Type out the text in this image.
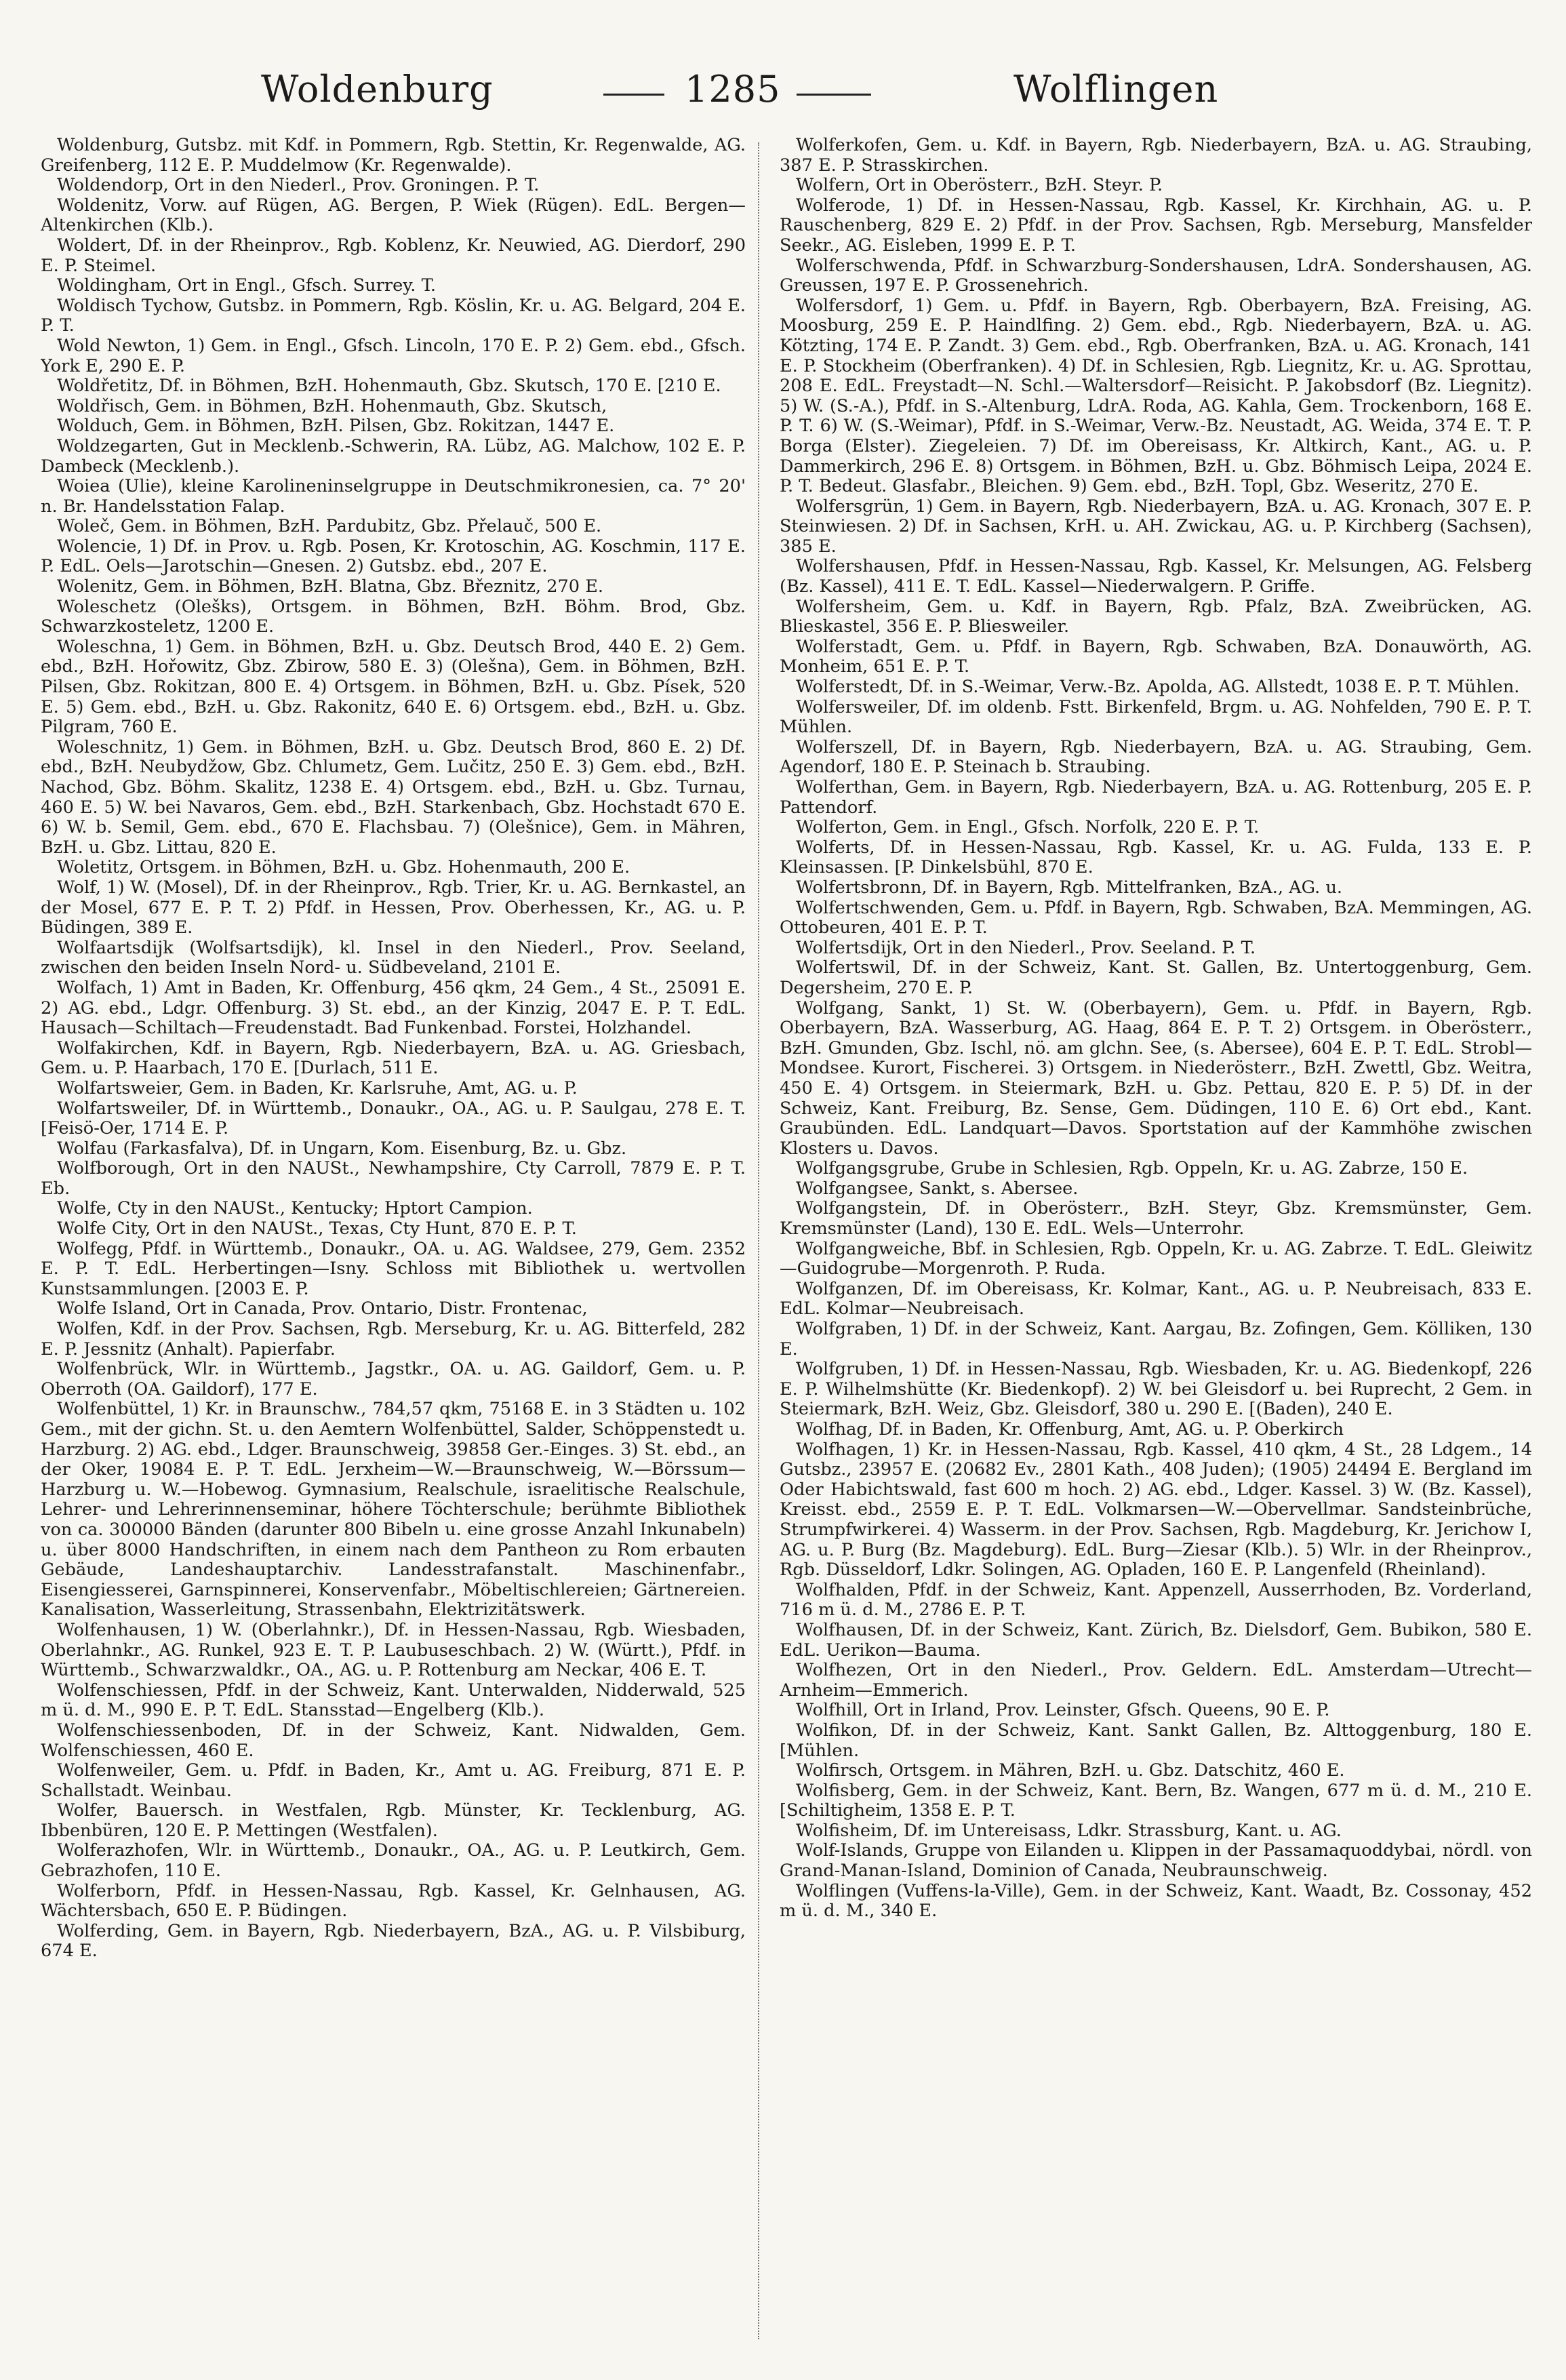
Woldenburg	1285	Wolflingen

Woldenburg, Gutsbz. mit Kdf. in Pommern, Rgb. Stettin, Kr. Regenwalde, AG. Greifenberg, 112 E. P. Muddelmow (Kr. Regenwalde).

Woldendorp, Ort in den Niederl., Prov. Groningen. P. T.

Woldenitz, Vorw. auf Rügen, AG. Bergen, P. Wiek (Rügen). EdL. Bergen—Altenkirchen (Klb.).

Woldert, Df. in der Rheinprov., Rgb. Koblenz, Kr. Neuwied, AG. Dierdorf, 290 E. P. Steimel.

Woldingham, Ort in Engl., Gfsch. Surrey. T.

Woldisch Tychow, Gutsbz. in Pommern, Rgb. Köslin, Kr. u. AG. Belgard, 204 E. P. T.

Wold Newton, 1) Gem. in Engl., Gfsch. Lincoln, 170 E. P. 2) Gem. ebd., Gfsch. York E, 290 E. P.

Woldřetitz, Df. in Böhmen, BzH. Hohenmauth, Gbz. Skutsch, 170 E. [210 E.

Woldřisch, Gem. in Böhmen, BzH. Hohenmauth, Gbz. Skutsch,

Wolduch, Gem. in Böhmen, BzH. Pilsen, Gbz. Rokitzan, 1447 E.

Woldzegarten, Gut in Mecklenb.-Schwerin, RA. Lübz, AG. Malchow, 102 E. P. Dambeck (Mecklenb.).

Woiea (Ulie), kleine Karolineninselgruppe in Deutschmikronesien, ca. 7° 20' n. Br. Handelsstation Falap.

Woleč, Gem. in Böhmen, BzH. Pardubitz, Gbz. Přelauč, 500 E.

Wolencie, 1) Df. in Prov. u. Rgb. Posen, Kr. Krotoschin, AG. Koschmin, 117 E. P. EdL. Oels—Jarotschin—Gnesen. 2) Gutsbz. ebd., 207 E.

Wolenitz, Gem. in Böhmen, BzH. Blatna, Gbz. Březnitz, 270 E.

Woleschetz (Olešks), Ortsgem. in Böhmen, BzH. Böhm. Brod, Gbz. Schwarzkosteletz, 1200 E.

Woleschna, 1) Gem. in Böhmen, BzH. u. Gbz. Deutsch Brod, 440 E. 2) Gem. ebd., BzH. Hořowitz, Gbz. Zbirow, 580 E. 3) (Olešna), Gem. in Böhmen, BzH. Pilsen, Gbz. Rokitzan, 800 E. 4) Ortsgem. in Böhmen, BzH. u. Gbz. Písek, 520 E. 5) Gem. ebd., BzH. u. Gbz. Rakonitz, 640 E. 6) Ortsgem. ebd., BzH. u. Gbz. Pilgram, 760 E.

Woleschnitz, 1) Gem. in Böhmen, BzH. u. Gbz. Deutsch Brod, 860 E. 2) Df. ebd., BzH. Neubydžow, Gbz. Chlumetz, Gem. Lučitz, 250 E. 3) Gem. ebd., BzH. Nachod, Gbz. Böhm. Skalitz, 1238 E. 4) Ortsgem. ebd., BzH. u. Gbz. Turnau, 460 E. 5) W. bei Navaros, Gem. ebd., BzH. Starkenbach, Gbz. Hochstadt 670 E. 6) W. b. Semil, Gem. ebd., 670 E. Flachsbau. 7) (Olešnice), Gem. in Mähren, BzH. u. Gbz. Littau, 820 E.

Woletitz, Ortsgem. in Böhmen, BzH. u. Gbz. Hohenmauth, 200 E.

Wolf, 1) W. (Mosel), Df. in der Rheinprov., Rgb. Trier, Kr. u. AG. Bernkastel, an der Mosel, 677 E. P. T. 2) Pfdf. in Hessen, Prov. Oberhessen, Kr., AG. u. P. Büdingen, 389 E.

Wolfaartsdijk (Wolfsartsdijk), kl. Insel in den Niederl., Prov. Seeland, zwischen den beiden Inseln Nord- u. Südbeveland, 2101 E.

Wolfach, 1) Amt in Baden, Kr. Offenburg, 456 qkm, 24 Gem., 4 St., 25091 E. 2) AG. ebd., Ldgr. Offenburg. 3) St. ebd., an der Kinzig, 2047 E. P. T. EdL. Hausach—Schiltach—Freudenstadt. Bad Funkenbad. Forstei, Holzhandel.

Wolfakirchen, Kdf. in Bayern, Rgb. Niederbayern, BzA. u. AG. Griesbach, Gem. u. P. Haarbach, 170 E. [Durlach, 511 E.

Wolfartsweier, Gem. in Baden, Kr. Karlsruhe, Amt, AG. u. P.

Wolfartsweiler, Df. in Württemb., Donaukr., OA., AG. u. P. Saulgau, 278 E. T. [Feisö-Oer, 1714 E. P.

Wolfau (Farkasfalva), Df. in Ungarn, Kom. Eisenburg, Bz. u. Gbz.

Wolfborough, Ort in den NAUSt., Newhampshire, Cty Carroll, 7879 E. P. T. Eb.

Wolfe, Cty in den NAUSt., Kentucky; Hptort Campion.

Wolfe City, Ort in den NAUSt., Texas, Cty Hunt, 870 E. P. T.

Wolfegg, Pfdf. in Württemb., Donaukr., OA. u. AG. Waldsee, 279, Gem. 2352 E. P. T. EdL. Herbertingen—Isny. Schloss mit Bibliothek u. wertvollen Kunstsammlungen. [2003 E. P.

Wolfe Island, Ort in Canada, Prov. Ontario, Distr. Frontenac,

Wolfen, Kdf. in der Prov. Sachsen, Rgb. Merseburg, Kr. u. AG. Bitterfeld, 282 E. P. Jessnitz (Anhalt). Papierfabr.

Wolfenbrück, Wlr. in Württemb., Jagstkr., OA. u. AG. Gaildorf, Gem. u. P. Oberroth (OA. Gaildorf), 177 E.

Wolfenbüttel, 1) Kr. in Braunschw., 784,57 qkm, 75168 E. in 3 Städten u. 102 Gem., mit der gichn. St. u. den Aemtern Wolfenbüttel, Salder, Schöppenstedt u. Harzburg. 2) AG. ebd., Ldger. Braunschweig, 39858 Ger.-Einges. 3) St. ebd., an der Oker, 19084 E. P. T. EdL. Jerxheim—W.—Braunschweig, W.—Börssum—Harzburg u. W.—Hobewog. Gymnasium, Realschule, israelitische Realschule, Lehrer- und Lehrerinnenseminar, höhere Töchterschule; berühmte Bibliothek von ca. 300000 Bänden (darunter 800 Bibeln u. eine grosse Anzahl Inkunabeln) u. über 8000 Handschriften, in einem nach dem Pantheon zu Rom erbauten Gebäude, Landeshauptarchiv. Landesstrafanstalt. Maschinenfabr., Eisengiesserei, Garnspinnerei, Konservenfabr., Möbeltischlereien; Gärtnereien. Kanalisation, Wasserleitung, Strassenbahn, Elektrizitätswerk.

Wolfenhausen, 1) W. (Oberlahnkr.), Df. in Hessen-Nassau, Rgb. Wiesbaden, Oberlahnkr., AG. Runkel, 923 E. T. P. Laubuseschbach. 2) W. (Württ.), Pfdf. in Württemb., Schwarzwaldkr., OA., AG. u. P. Rottenburg am Neckar, 406 E. T.

Wolfenschiessen, Pfdf. in der Schweiz, Kant. Unterwalden, Nidderwald, 525 m ü. d. M., 990 E. P. T. EdL. Stansstad—Engelberg (Klb.).

Wolfenschiessenboden, Df. in der Schweiz, Kant. Nidwalden, Gem. Wolfenschiessen, 460 E.

Wolfenweiler, Gem. u. Pfdf. in Baden, Kr., Amt u. AG. Freiburg, 871 E. P. Schallstadt. Weinbau.

Wolfer, Bauersch. in Westfalen, Rgb. Münster, Kr. Tecklenburg, AG. Ibbenbüren, 120 E. P. Mettingen (Westfalen).

Wolferazhofen, Wlr. in Württemb., Donaukr., OA., AG. u. P. Leutkirch, Gem. Gebrazhofen, 110 E.

Wolferborn, Pfdf. in Hessen-Nassau, Rgb. Kassel, Kr. Gelnhausen, AG. Wächtersbach, 650 E. P. Büdingen.

Wolferding, Gem. in Bayern, Rgb. Niederbayern, BzA., AG. u. P. Vilsbiburg, 674 E.

Wolferkofen, Gem. u. Kdf. in Bayern, Rgb. Niederbayern, BzA. u. AG. Straubing, 387 E. P. Strasskirchen.

Wolfern, Ort in Oberösterr., BzH. Steyr. P.

Wolferode, 1) Df. in Hessen-Nassau, Rgb. Kassel, Kr. Kirchhain, AG. u. P. Rauschenberg, 829 E. 2) Pfdf. in der Prov. Sachsen, Rgb. Merseburg, Mansfelder Seekr., AG. Eisleben, 1999 E. P. T.

Wolferschwenda, Pfdf. in Schwarzburg-Sondershausen, LdrA. Sondershausen, AG. Greussen, 197 E. P. Grossenehrich.

Wolfersdorf, 1) Gem. u. Pfdf. in Bayern, Rgb. Oberbayern, BzA. Freising, AG. Moosburg, 259 E. P. Haindlfing. 2) Gem. ebd., Rgb. Niederbayern, BzA. u. AG. Kötzting, 174 E. P. Zandt. 3) Gem. ebd., Rgb. Oberfranken, BzA. u. AG. Kronach, 141 E. P. Stockheim (Oberfranken). 4) Df. in Schlesien, Rgb. Liegnitz, Kr. u. AG. Sprottau, 208 E. EdL. Freystadt—N. Schl.—Waltersdorf—Reisicht. P. Jakobsdorf (Bz. Liegnitz). 5) W. (S.-A.), Pfdf. in S.-Altenburg, LdrA. Roda, AG. Kahla, Gem. Trockenborn, 168 E. P. T. 6) W. (S.-Weimar), Pfdf. in S.-Weimar, Verw.-Bz. Neustadt, AG. Weida, 374 E. T. P. Borga (Elster). Ziegeleien. 7) Df. im Obereisass, Kr. Altkirch, Kant., AG. u. P. Dammerkirch, 296 E. 8) Ortsgem. in Böhmen, BzH. u. Gbz. Böhmisch Leipa, 2024 E. P. T. Bedeut. Glasfabr., Bleichen. 9) Gem. ebd., BzH. Topl, Gbz. Weseritz, 270 E.

Wolfersgrün, 1) Gem. in Bayern, Rgb. Niederbayern, BzA. u. AG. Kronach, 307 E. P. Steinwiesen. 2) Df. in Sachsen, KrH. u. AH. Zwickau, AG. u. P. Kirchberg (Sachsen), 385 E.

Wolfershausen, Pfdf. in Hessen-Nassau, Rgb. Kassel, Kr. Melsungen, AG. Felsberg (Bz. Kassel), 411 E. T. EdL. Kassel—Niederwalgern. P. Griffe.

Wolfersheim, Gem. u. Kdf. in Bayern, Rgb. Pfalz, BzA. Zweibrücken, AG. Blieskastel, 356 E. P. Bliesweiler.

Wolferstadt, Gem. u. Pfdf. in Bayern, Rgb. Schwaben, BzA. Donauwörth, AG. Monheim, 651 E. P. T.

Wolferstedt, Df. in S.-Weimar, Verw.-Bz. Apolda, AG. Allstedt, 1038 E. P. T. Mühlen.

Wolfersweiler, Df. im oldenb. Fstt. Birkenfeld, Brgm. u. AG. Nohfelden, 790 E. P. T. Mühlen.

Wolferszell, Df. in Bayern, Rgb. Niederbayern, BzA. u. AG. Straubing, Gem. Agendorf, 180 E. P. Steinach b. Straubing.

Wolferthan, Gem. in Bayern, Rgb. Niederbayern, BzA. u. AG. Rottenburg, 205 E. P. Pattendorf.

Wolferton, Gem. in Engl., Gfsch. Norfolk, 220 E. P. T.

Wolferts, Df. in Hessen-Nassau, Rgb. Kassel, Kr. u. AG. Fulda, 133 E. P. Kleinsassen. [P. Dinkelsbühl, 870 E.

Wolfertsbronn, Df. in Bayern, Rgb. Mittelfranken, BzA., AG. u.

Wolfertschwenden, Gem. u. Pfdf. in Bayern, Rgb. Schwaben, BzA. Memmingen, AG. Ottobeuren, 401 E. P. T.

Wolfertsdijk, Ort in den Niederl., Prov. Seeland. P. T.

Wolfertswil, Df. in der Schweiz, Kant. St. Gallen, Bz. Untertoggenburg, Gem. Degersheim, 270 E. P.

Wolfgang, Sankt, 1) St. W. (Oberbayern), Gem. u. Pfdf. in Bayern, Rgb. Oberbayern, BzA. Wasserburg, AG. Haag, 864 E. P. T. 2) Ortsgem. in Oberösterr., BzH. Gmunden, Gbz. Ischl, nö. am glchn. See, (s. Abersee), 604 E. P. T. EdL. Strobl—Mondsee. Kurort, Fischerei. 3) Ortsgem. in Niederösterr., BzH. Zwettl, Gbz. Weitra, 450 E. 4) Ortsgem. in Steiermark, BzH. u. Gbz. Pettau, 820 E. P. 5) Df. in der Schweiz, Kant. Freiburg, Bz. Sense, Gem. Düdingen, 110 E. 6) Ort ebd., Kant. Graubünden. EdL. Landquart—Davos. Sportstation auf der Kammhöhe zwischen Klosters u. Davos.

Wolfgangsgrube, Grube in Schlesien, Rgb. Oppeln, Kr. u. AG. Zabrze, 150 E.

Wolfgangsee, Sankt, s. Abersee.

Wolfgangstein, Df. in Oberösterr., BzH. Steyr, Gbz. Kremsmünster, Gem. Kremsmünster (Land), 130 E. EdL. Wels—Unterrohr.

Wolfgangweiche, Bbf. in Schlesien, Rgb. Oppeln, Kr. u. AG. Zabrze. T. EdL. Gleiwitz—Guidogrube—Morgenroth. P. Ruda.

Wolfganzen, Df. im Obereisass, Kr. Kolmar, Kant., AG. u. P. Neubreisach, 833 E. EdL. Kolmar—Neubreisach.

Wolfgraben, 1) Df. in der Schweiz, Kant. Aargau, Bz. Zofingen, Gem. Kölliken, 130 E.

Wolfgruben, 1) Df. in Hessen-Nassau, Rgb. Wiesbaden, Kr. u. AG. Biedenkopf, 226 E. P. Wilhelmshütte (Kr. Biedenkopf). 2) W. bei Gleisdorf u. bei Ruprecht, 2 Gem. in Steiermark, BzH. Weiz, Gbz. Gleisdorf, 380 u. 290 E. [(Baden), 240 E.

Wolfhag, Df. in Baden, Kr. Offenburg, Amt, AG. u. P. Oberkirch

Wolfhagen, 1) Kr. in Hessen-Nassau, Rgb. Kassel, 410 qkm, 4 St., 28 Ldgem., 14 Gutsbz., 23957 E. (20682 Ev., 2801 Kath., 408 Juden); (1905) 24494 E. Bergland im Oder Habichtswald, fast 600 m hoch. 2) AG. ebd., Ldger. Kassel. 3) W. (Bz. Kassel), Kreisst. ebd., 2559 E. P. T. EdL. Volkmarsen—W.—Obervellmar. Sandsteinbrüche, Strumpfwirkerei. 4) Wasserm. in der Prov. Sachsen, Rgb. Magdeburg, Kr. Jerichow I, AG. u. P. Burg (Bz. Magdeburg). EdL. Burg—Ziesar (Klb.). 5) Wlr. in der Rheinprov., Rgb. Düsseldorf, Ldkr. Solingen, AG. Opladen, 160 E. P. Langenfeld (Rheinland).

Wolfhalden, Pfdf. in der Schweiz, Kant. Appenzell, Ausserrhoden, Bz. Vorderland, 716 m ü. d. M., 2786 E. P. T.

Wolfhausen, Df. in der Schweiz, Kant. Zürich, Bz. Dielsdorf, Gem. Bubikon, 580 E. EdL. Uerikon—Bauma.

Wolfhezen, Ort in den Niederl., Prov. Geldern. EdL. Amsterdam—Utrecht—Arnheim—Emmerich.

Wolfhill, Ort in Irland, Prov. Leinster, Gfsch. Queens, 90 E. P.

Wolfikon, Df. in der Schweiz, Kant. Sankt Gallen, Bz. Alttoggenburg, 180 E. [Mühlen.

Wolfirsch, Ortsgem. in Mähren, BzH. u. Gbz. Datschitz, 460 E.

Wolfisberg, Gem. in der Schweiz, Kant. Bern, Bz. Wangen, 677 m ü. d. M., 210 E. [Schiltigheim, 1358 E. P. T.

Wolfisheim, Df. im Untereisass, Ldkr. Strassburg, Kant. u. AG.

Wolf-Islands, Gruppe von Eilanden u. Klippen in der Passamaquoddybai, nördl. von Grand-Manan-Island, Dominion of Canada, Neubraunschweig.

Wolflingen (Vuffens-la-Ville), Gem. in der Schweiz, Kant. Waadt, Bz. Cossonay, 452 m ü. d. M., 340 E.
